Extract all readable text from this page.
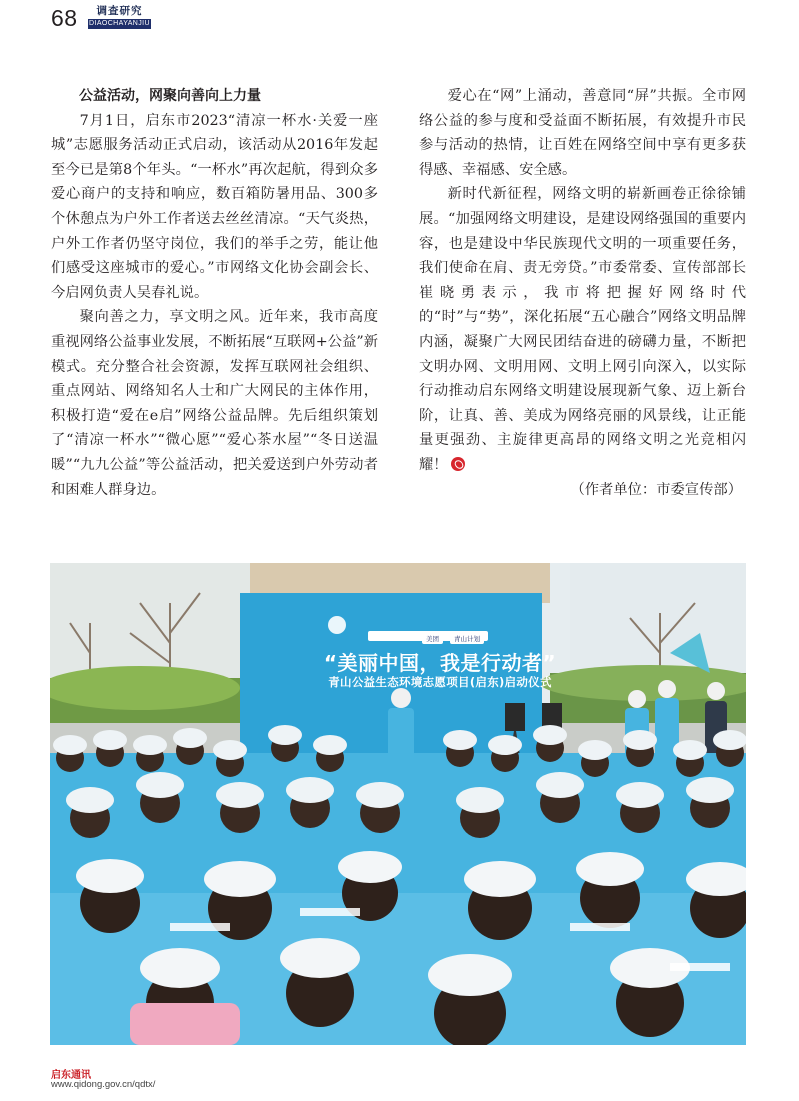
68	调查研究
DIAOCHAYANJIU
公益活动，网聚向善向上力量

7月1日，启东市2023“清凉一杯水·关爱一座城”志愿服务活动正式启动，该活动从2016年发起至今已是第8个年头。“一杯水”再次起航，得到众多爱心商户的支持和响应，数百箱防暑用品、300多个休憩点为户外工作者送去丝丝清凉。“天气炎热，户外工作者仍坚守岗位，我们的举手之劳，能让他们感受这座城市的爱心。”市网络文化协会副会长、今启网负责人吴春礼说。

聚向善之力，享文明之风。近年来，我市高度重视网络公益事业发展，不断拓展“互联网+公益”新模式。充分整合社会资源，发挥互联网社会组织、重点网站、网络知名人士和广大网民的主体作用，积极打造“爱在e启”网络公益品牌。先后组织策划了“清凉一杯水”“微心愿”“爱心茶水屋”“冬日送温暖”“九九公益”等公益活动，把关爱送到户外劳动者和困难人群身边。

爱心在“网”上涌动，善意同“屏”共振。全市网络公益的参与度和受益面不断拓展，有效提升市民参与活动的热情，让百姓在网络空间中享有更多获得感、幸福感、安全感。

新时代新征程，网络文明的崭新画卷正徐徐铺展。“加强网络文明建设，是建设网络强国的重要内容，也是建设中华民族现代文明的一项重要任务，我们使命在肩、责无旁贷。”市委常委、宣传部部长崔晓勇表示，我市将把握好网络时代的“时”与“势”，深化拓展“五心融合”网络文明品牌内涵，凝聚广大网民团结奋进的磅礴力量，不断把文明办网、文明用网、文明上网引向深入，以实际行动推动启东网络文明建设展现新气象、迈上新台阶，让真、善、美成为网络亮丽的风景线，让正能量更强劲、主旋律更高昂的网络文明之光竞相闪耀！

（作者单位：市委宣传部）

“美丽中国，我是行动者”
青山公益生态环境志愿项目(启东)启动仪式
美团	青山计划
启东通讯
www.qidong.gov.cn/qdtx/
